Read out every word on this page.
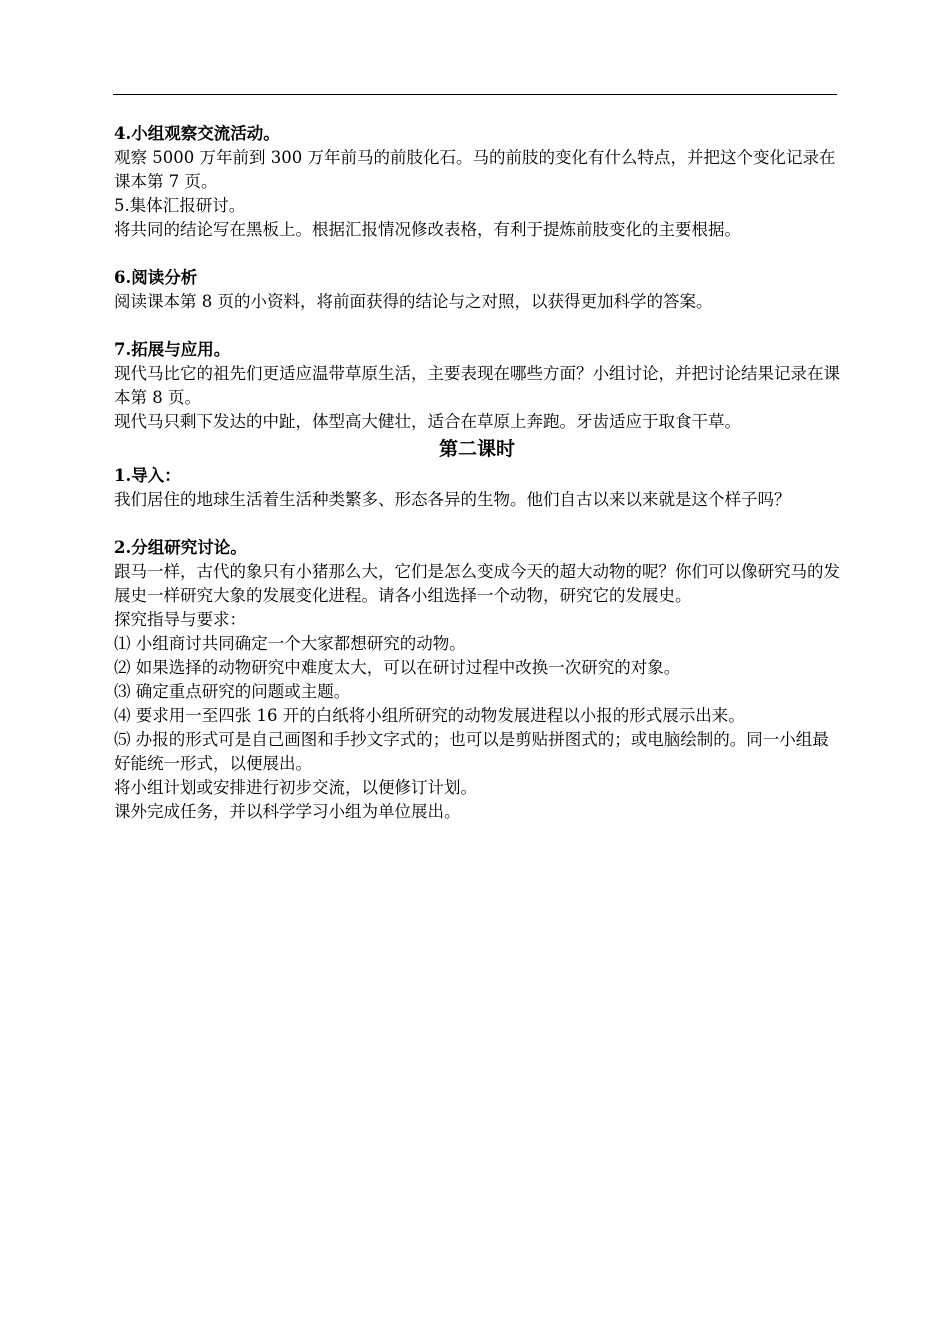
4.小组观察交流活动。

观察 5000 万年前到 300 万年前马的前肢化石。马的前肢的变化有什么特点，并把这个变化记录在课本第 7 页。

5.集体汇报研讨。

将共同的结论写在黑板上。根据汇报情况修改表格，有利于提炼前肢变化的主要根据。

6.阅读分析

阅读课本第 8 页的小资料，将前面获得的结论与之对照，以获得更加科学的答案。

7.拓展与应用。

现代马比它的祖先们更适应温带草原生活，主要表现在哪些方面？小组讨论，并把讨论结果记录在课本第 8 页。

现代马只剩下发达的中趾，体型高大健壮，适合在草原上奔跑。牙齿适应于取食干草。

第二课时

1.导入：

我们居住的地球生活着生活种类繁多、形态各异的生物。他们自古以来以来就是这个样子吗？

2.分组研究讨论。

跟马一样，古代的象只有小猪那么大，它们是怎么变成今天的超大动物的呢？你们可以像研究马的发展史一样研究大象的发展变化进程。请各小组选择一个动物，研究它的发展史。

探究指导与要求：

⑴ 小组商讨共同确定一个大家都想研究的动物。

⑵ 如果选择的动物研究中难度太大，可以在研讨过程中改换一次研究的对象。

⑶ 确定重点研究的问题或主题。

⑷ 要求用一至四张 16 开的白纸将小组所研究的动物发展进程以小报的形式展示出来。

⑸ 办报的形式可是自己画图和手抄文字式的；也可以是剪贴拼图式的；或电脑绘制的。同一小组最好能统一形式，以便展出。

将小组计划或安排进行初步交流，以便修订计划。

课外完成任务，并以科学学习小组为单位展出。
